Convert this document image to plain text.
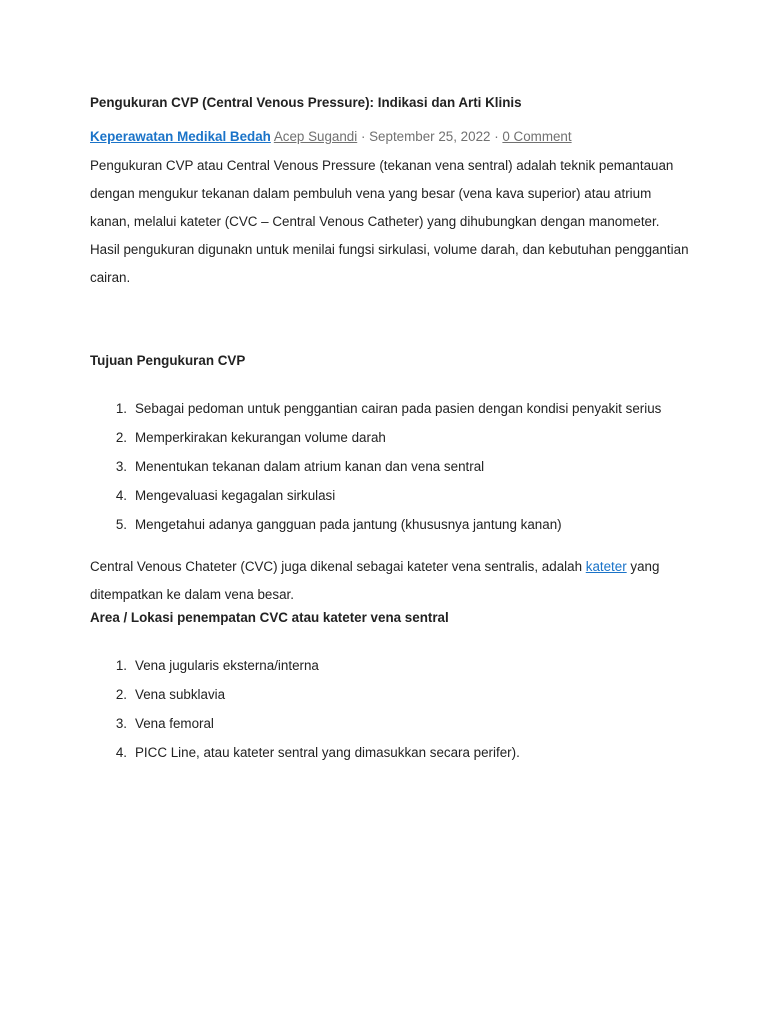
Pengukuran CVP (Central Venous Pressure): Indikasi dan Arti Klinis
Keperawatan Medikal Bedah Acep Sugandi · September 25, 2022 · 0 Comment

Pengukuran CVP atau Central Venous Pressure (tekanan vena sentral) adalah teknik pemantauan dengan mengukur tekanan dalam pembuluh vena yang besar (vena kava superior) atau atrium kanan, melalui kateter (CVC – Central Venous Catheter) yang dihubungkan dengan manometer. Hasil pengukuran digunakn untuk menilai fungsi sirkulasi, volume darah, dan kebutuhan penggantian cairan.

Tujuan Pengukuran CVP
1. Sebagai pedoman untuk penggantian cairan pada pasien dengan kondisi penyakit serius
2. Memperkirakan kekurangan volume darah
3. Menentukan tekanan dalam atrium kanan dan vena sentral
4. Mengevaluasi kegagalan sirkulasi
5. Mengetahui adanya gangguan pada jantung (khususnya jantung kanan)

Central Venous Chateter (CVC) juga dikenal sebagai kateter vena sentralis, adalah kateter yang ditempatkan ke dalam vena besar.

Area / Lokasi penempatan CVC atau kateter vena sentral
1. Vena jugularis eksterna/interna
2. Vena subklavia
3. Vena femoral
4. PICC Line, atau kateter sentral yang dimasukkan secara perifer).
